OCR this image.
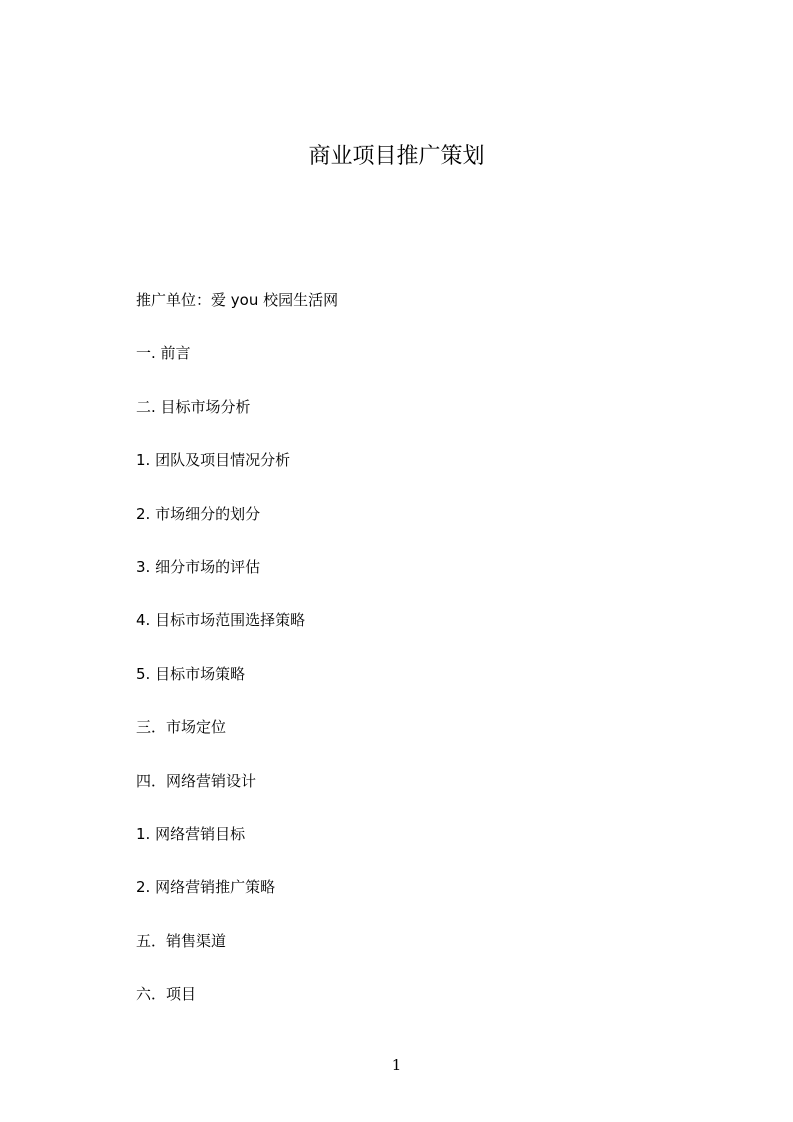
商业项目推广策划
推广单位：爱 you 校园生活网
一. 前言
二. 目标市场分析
1. 团队及项目情况分析
2. 市场细分的划分
3. 细分市场的评估
4. 目标市场范围选择策略
5. 目标市场策略
三．市场定位
四．网络营销设计
1. 网络营销目标
2. 网络营销推广策略
五．销售渠道
六．项目
1
